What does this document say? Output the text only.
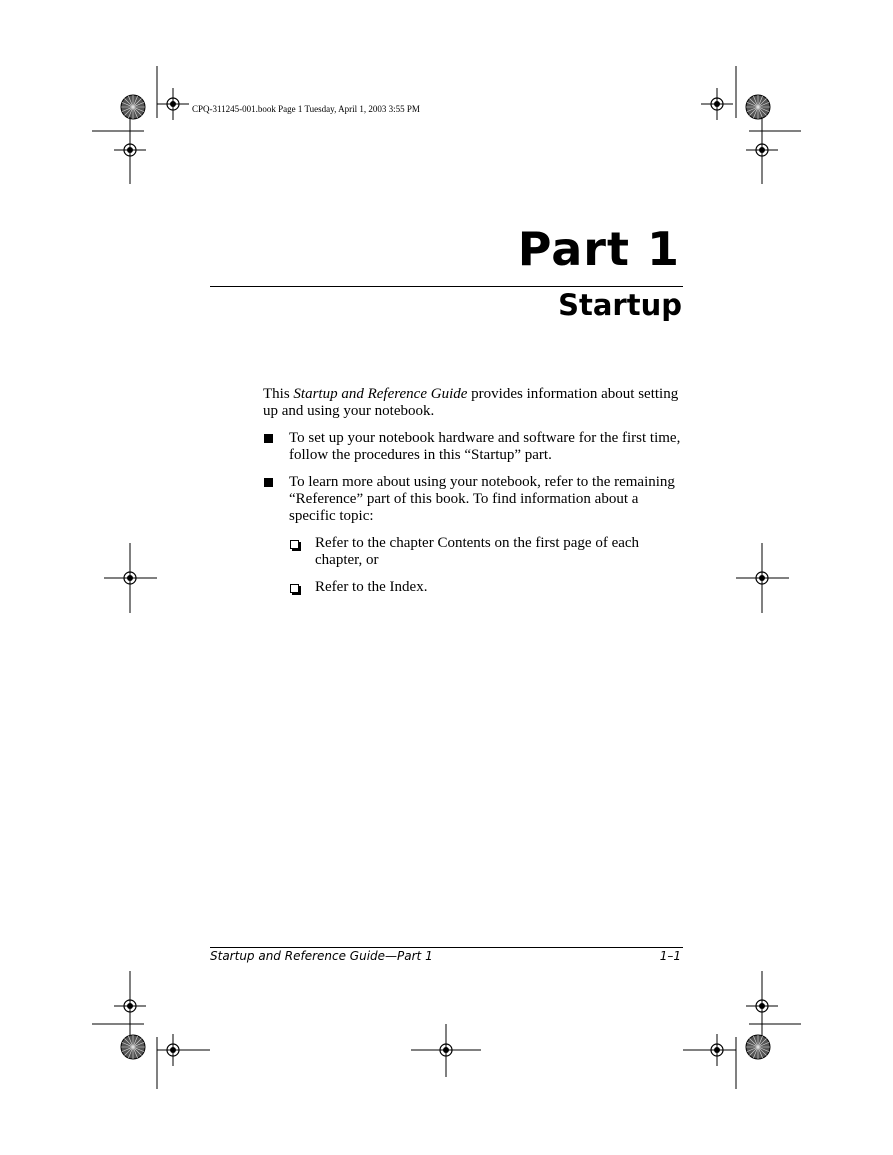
CPQ-311245-001.book Page 1 Tuesday, April 1, 2003 3:55 PM
Part 1
Startup

This Startup and Reference Guide provides information about setting up and using your notebook.

To set up your notebook hardware and software for the first time, follow the procedures in this “Startup” part.
To learn more about using your notebook, refer to the remaining “Reference” part of this book. To find information about a specific topic:
Refer to the chapter Contents on the first page of each chapter, or
Refer to the Index.
Startup and Reference Guide—Part 1	1–1
